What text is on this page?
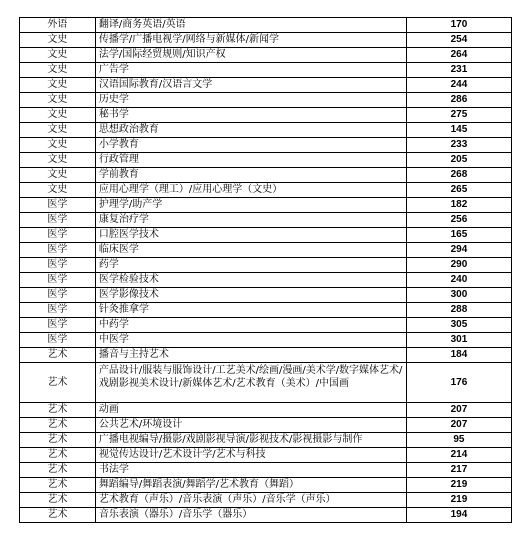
外语	翻译/商务英语/英语	170
文史	传播学/广播电视学/网络与新媒体/新闻学	254
文史	法学/国际经贸规则/知识产权	264
文史	广告学	231
文史	汉语国际教育/汉语言文学	244
文史	历史学	286
文史	秘书学	275
文史	思想政治教育	145
文史	小学教育	233
文史	行政管理	205
文史	学前教育	268
文史	应用心理学（理工）/应用心理学（文史）	265
医学	护理学/助产学	182
医学	康复治疗学	256
医学	口腔医学技术	165
医学	临床医学	294
医学	药学	290
医学	医学检验技术	240
医学	医学影像技术	300
医学	针灸推拿学	288
医学	中药学	305
医学	中医学	301
艺术	播音与主持艺术	184
艺术	产品设计/服装与服饰设计/工艺美术/绘画/漫画/美术学/数字媒体艺术/戏剧影视美术设计/新媒体艺术/艺术教育（美术）/中国画	176
艺术	动画	207
艺术	公共艺术/环境设计	207
艺术	广播电视编导/摄影/戏剧影视导演/影视技术/影视摄影与制作	95
艺术	视觉传达设计/艺术设计学/艺术与科技	214
艺术	书法学	217
艺术	舞蹈编导/舞蹈表演/舞蹈学/艺术教育（舞蹈）	219
艺术	艺术教育（声乐）/音乐表演（声乐）/音乐学（声乐）	219
艺术	音乐表演（器乐）/音乐学（器乐）	194
